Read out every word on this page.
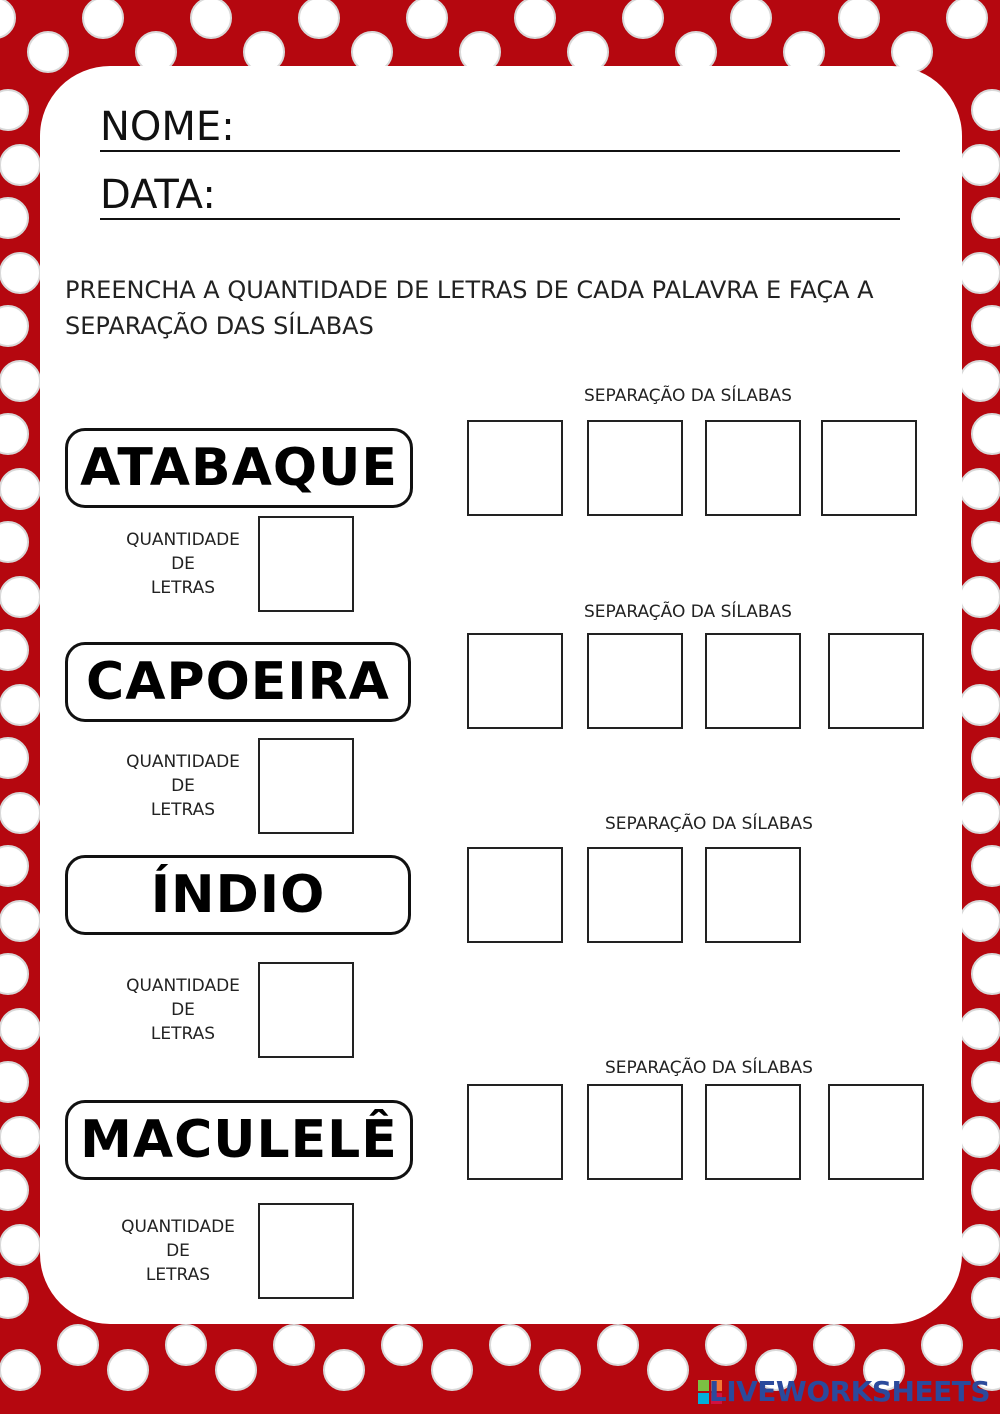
NOME:
DATA:
PREENCHA A QUANTIDADE DE LETRAS DE CADA PALAVRA E FAÇA A SEPARAÇÃO DAS SÍLABAS
SEPARAÇÃO DA SÍLABAS
ATABAQUE
QUANTIDADE
DE
LETRAS
SEPARAÇÃO DA SÍLABAS
CAPOEIRA
QUANTIDADE
DE
LETRAS
SEPARAÇÃO DA SÍLABAS
ÍNDIO
QUANTIDADE
DE
LETRAS
SEPARAÇÃO DA SÍLABAS
MACULELÊ
QUANTIDADE
DE
LETRAS
LIVEWORKSHEETS
